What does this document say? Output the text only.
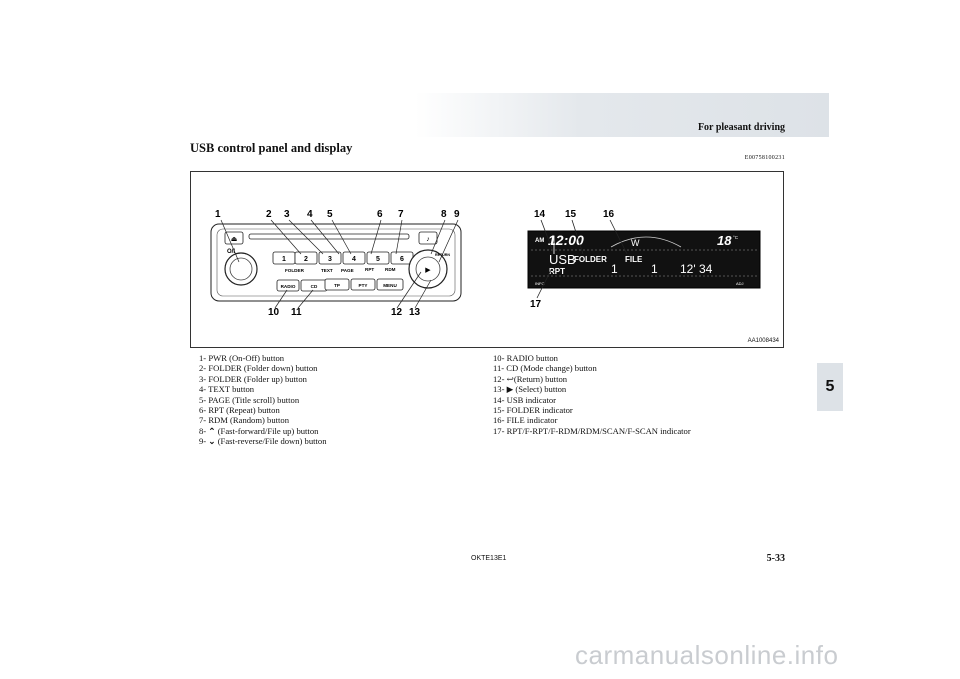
For pleasant driving
USB control panel and display
E00758100231
⏏	♪
O/I
1	2	3	4	5	6
FOLDER	TEXT PAGE RPT RDM
RADIO	CD	TP	PTY	MENU
RETURN
▶
1	2 3 4 5	6 7	8 9
10 11	12 13
AM 12:00	W	18 °C
USB
FOLDER FILE
1	1 12' 34
RPT
INFO	ADJ
14 15	16
17
AA1008434
1- PWR (On-Off) button
2- FOLDER (Folder down) button
3- FOLDER (Folder up) button
4- TEXT button
5- PAGE (Title scroll) button
6- RPT (Repeat) button
7- RDM (Random) button
8- ⌃ (Fast-forward/File up) button
9- ⌄ (Fast-reverse/File down) button
10- RADIO button
11- CD (Mode change) button
12- ↩(Return) button
13- ▶ (Select) button
14- USB indicator
15- FOLDER indicator
16- FILE indicator
17- RPT/F-RPT/F-RDM/RDM/SCAN/F-SCAN indicator
5
OKTE13E1	5-33
carmanualsonline.info
